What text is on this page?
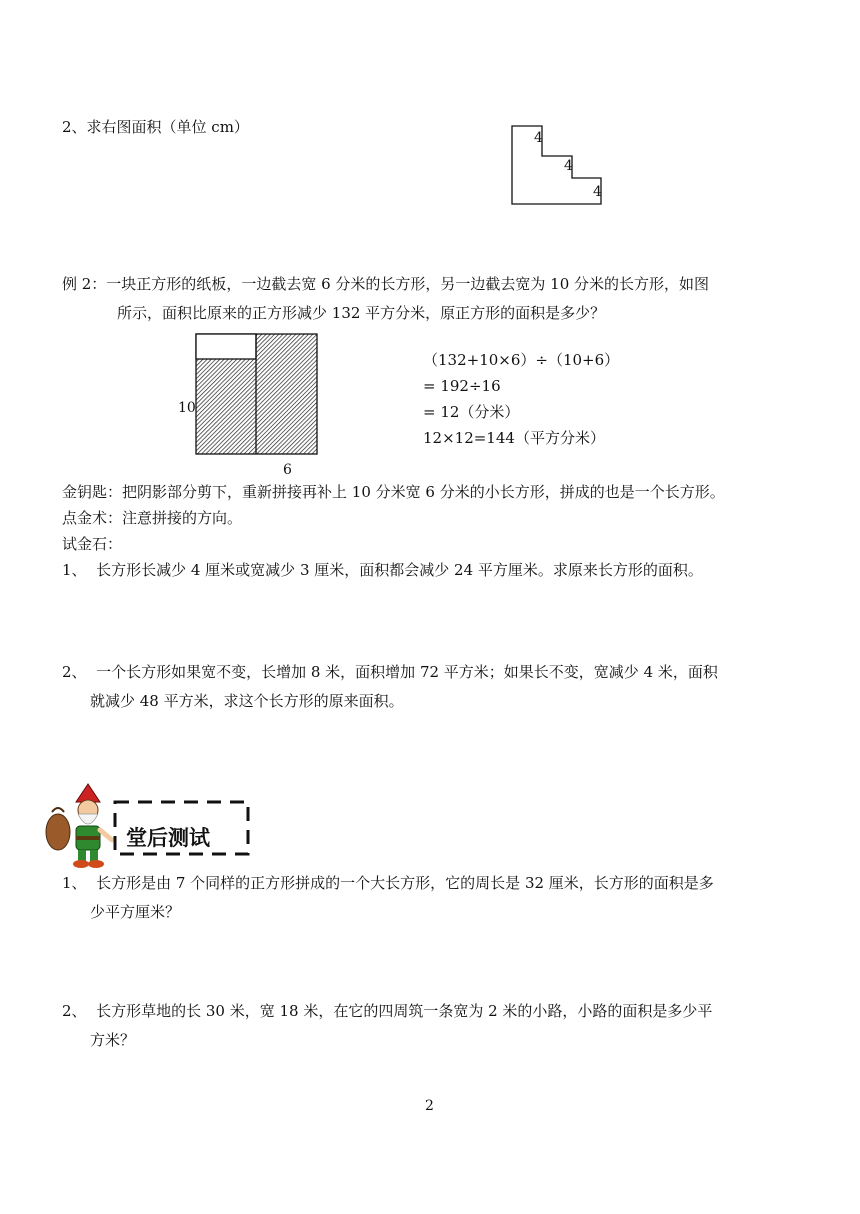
2、求右图面积（单位 cm）
4
4
4
例 2：一块正方形的纸板，一边截去宽 6 分米的长方形，另一边截去宽为 10 分米的长方形，如图
所示，面积比原来的正方形减少 132 平方分米，原正方形的面积是多少？
10
6
（132+10×6）÷（10+6）
= 192÷16
= 12（分米）
12×12=144（平方分米）
金钥匙：把阴影部分剪下，重新拼接再补上 10 分米宽 6 分米的小长方形，拼成的也是一个长方形。
点金术：注意拼接的方向。
试金石：
1、 长方形长减少 4 厘米或宽减少 3 厘米，面积都会减少 24 平方厘米。求原来长方形的面积。
2、 一个长方形如果宽不变，长增加 8 米，面积增加 72 平方米；如果长不变，宽减少 4 米，面积
就减少 48 平方米，求这个长方形的原来面积。
堂后测试
1、 长方形是由 7 个同样的正方形拼成的一个大长方形，它的周长是 32 厘米，长方形的面积是多
少平方厘米？
2、 长方形草地的长 30 米，宽 18 米，在它的四周筑一条宽为 2 米的小路，小路的面积是多少平
方米？
2
